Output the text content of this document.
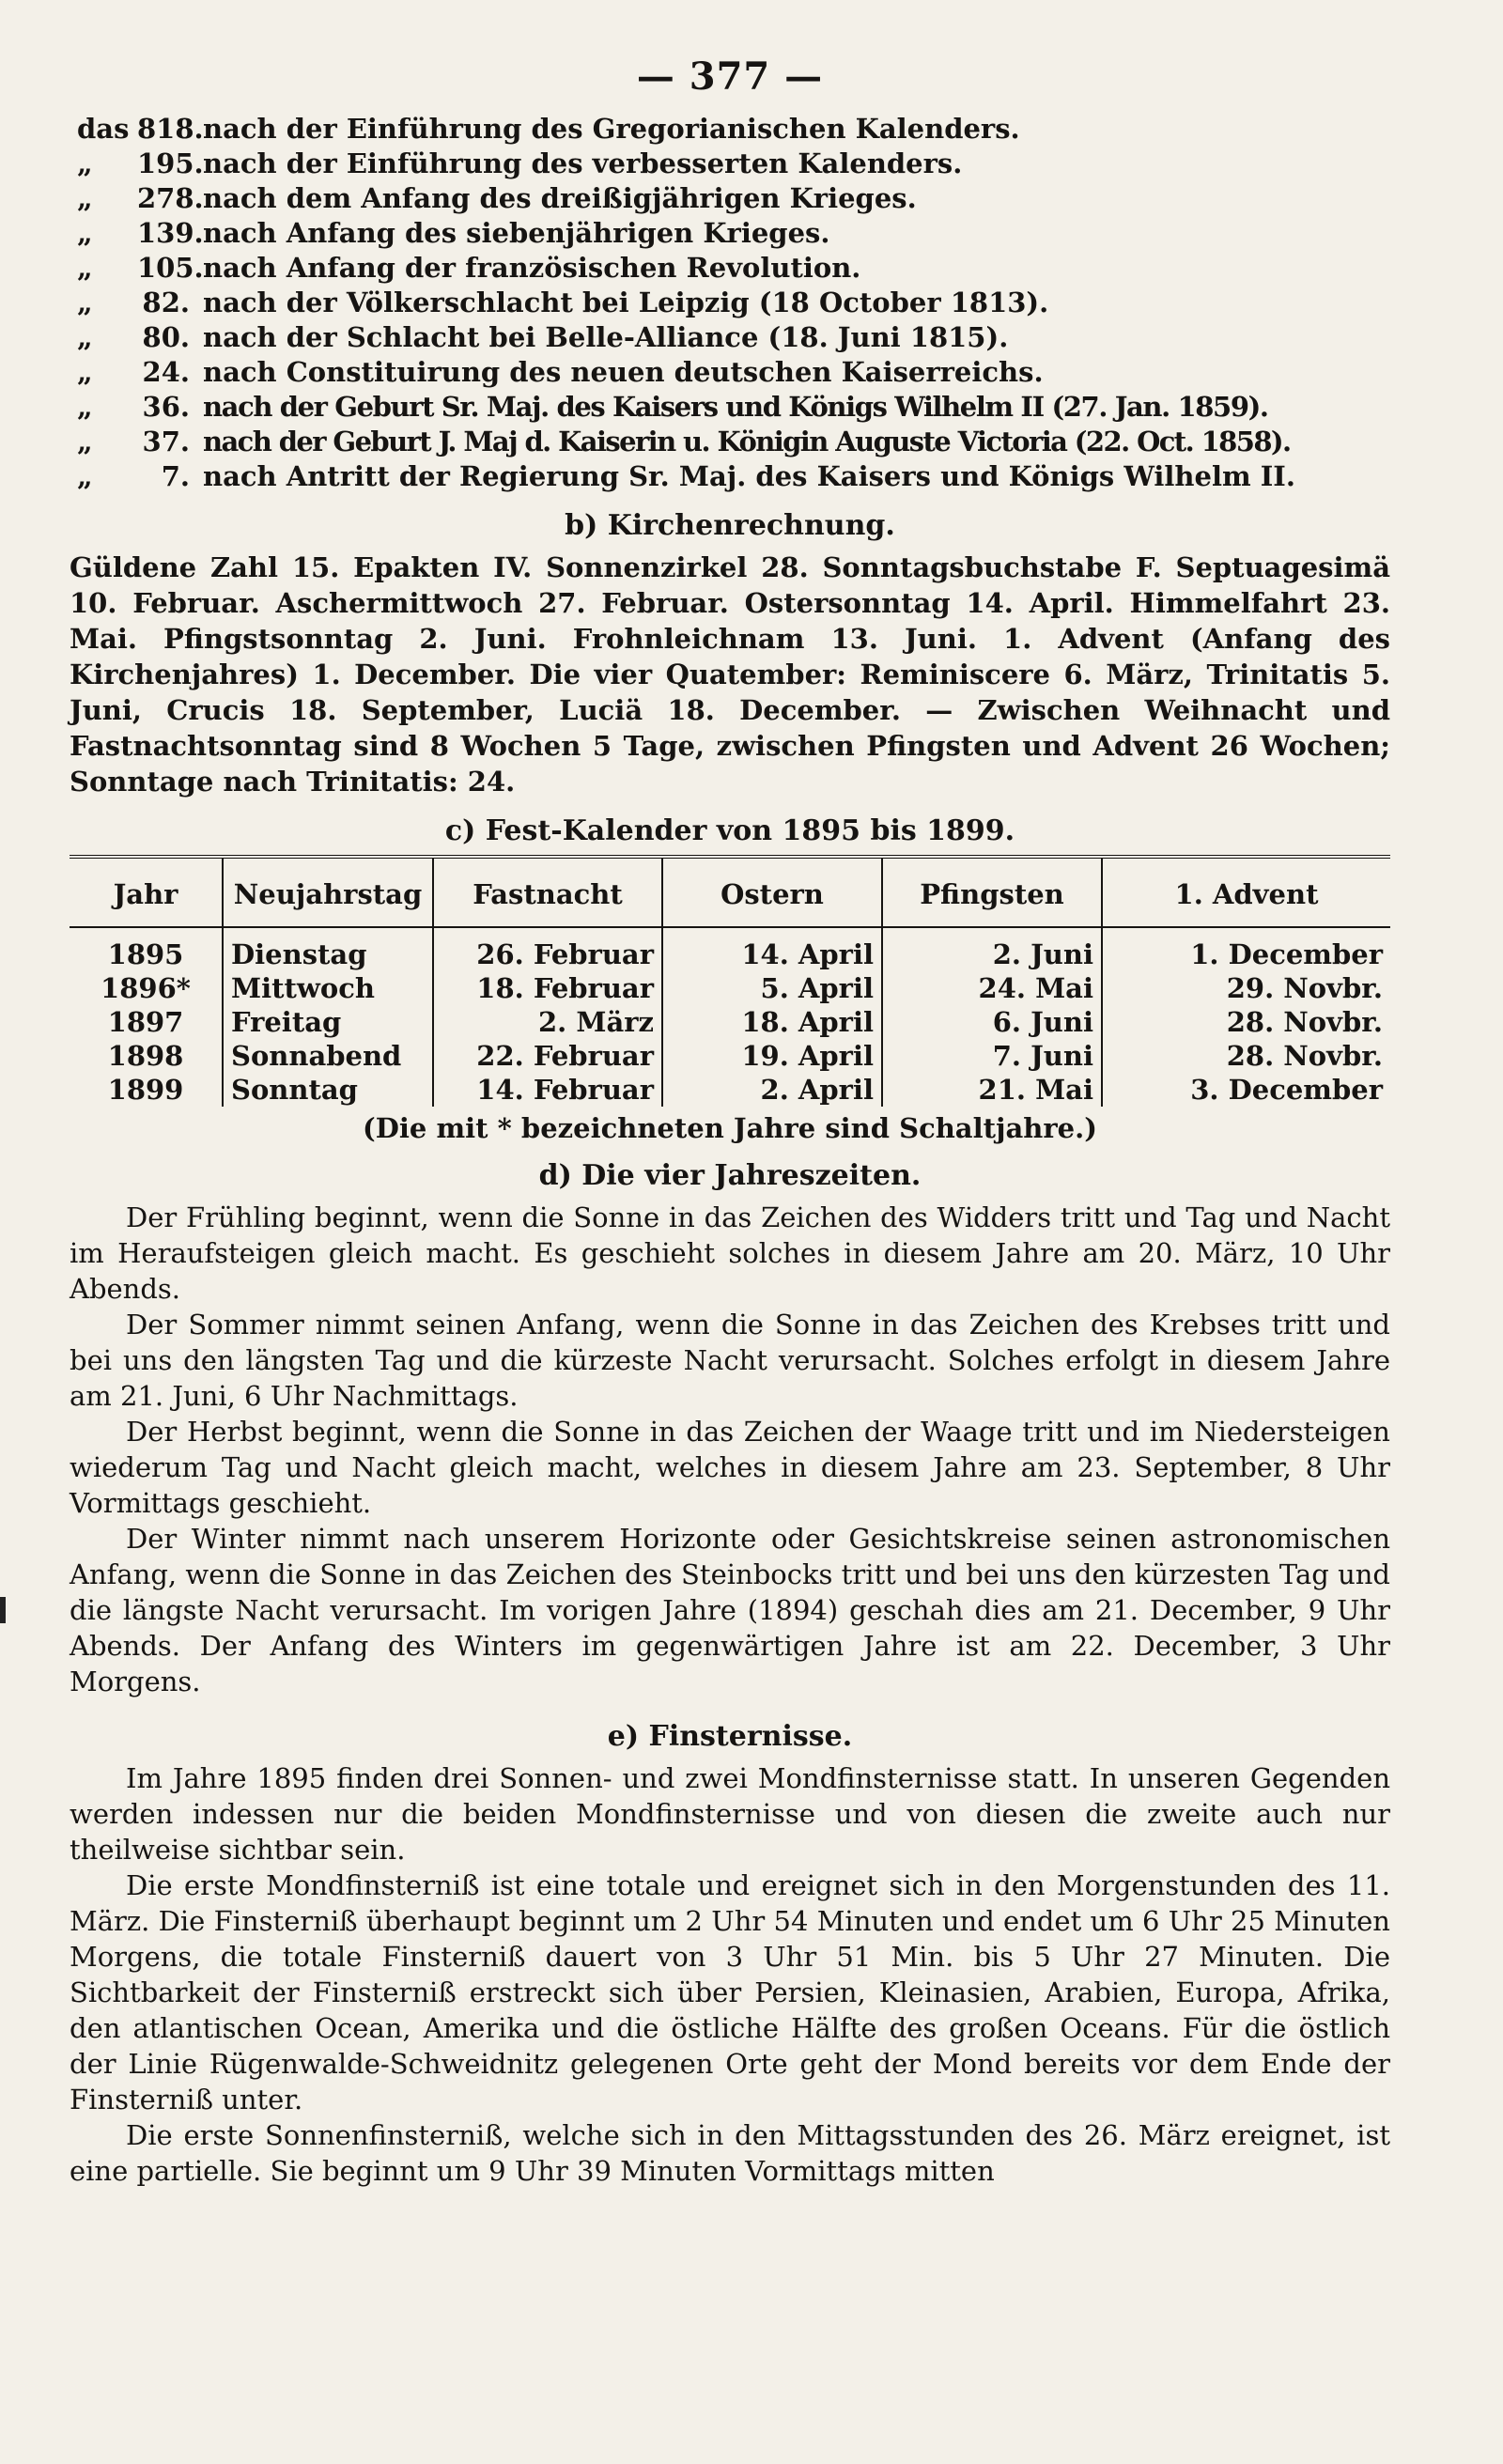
— 377 —
das 818. nach der Einführung des Gregorianischen Kalenders.
„	195. nach der Einführung des verbesserten Kalenders.
„	278. nach dem Anfang des dreißigjährigen Krieges.
„	139. nach Anfang des siebenjährigen Krieges.
„	105. nach Anfang der französischen Revolution.
„	82. nach der Völkerschlacht bei Leipzig (18 October 1813).
„	80. nach der Schlacht bei Belle-Alliance (18. Juni 1815).
„	24. nach Constituirung des neuen deutschen Kaiserreichs.
„	36. nach der Geburt Sr. Maj. des Kaisers und Königs Wilhelm II (27. Jan. 1859).
„	37. nach der Geburt J. Maj d. Kaiserin u. Königin Auguste Victoria (22. Oct. 1858).
„	7. nach Antritt der Regierung Sr. Maj. des Kaisers und Königs Wilhelm II.
b) Kirchenrechnung.

Güldene Zahl 15. Epakten IV. Sonnenzirkel 28. Sonntagsbuchstabe F. Septuagesimä 10. Februar. Aschermittwoch 27. Februar. Ostersonntag 14. April. Himmelfahrt 23. Mai. Pfingstsonntag 2. Juni. Frohnleichnam 13. Juni. 1. Advent (Anfang des Kirchenjahres) 1. December. Die vier Quatember: Reminiscere 6. März, Trinitatis 5. Juni, Crucis 18. September, Luciä 18. December. — Zwischen Weihnacht und Fastnachtsonntag sind 8 Wochen 5 Tage, zwischen Pfingsten und Advent 26 Wochen; Sonntage nach Trinitatis: 24.

c) Fest-Kalender von 1895 bis 1899.
Jahr	Neujahrstag	Fastnacht	Ostern	Pfingsten	1. Advent
1895	Dienstag	26. Februar	14. April	2. Juni	1. December
1896*	Mittwoch	18. Februar	5. April	24. Mai	29. Novbr.
1897	Freitag	2. März	18. April	6. Juni	28. Novbr.
1898	Sonnabend	22. Februar	19. April	7. Juni	28. Novbr.
1899	Sonntag	14. Februar	2. April	21. Mai	3. December
(Die mit * bezeichneten Jahre sind Schaltjahre.)
d) Die vier Jahreszeiten.

Der Frühling beginnt, wenn die Sonne in das Zeichen des Widders tritt und Tag und Nacht im Heraufsteigen gleich macht. Es geschieht solches in diesem Jahre am 20. März, 10 Uhr Abends.

Der Sommer nimmt seinen Anfang, wenn die Sonne in das Zeichen des Krebses tritt und bei uns den längsten Tag und die kürzeste Nacht verursacht. Solches erfolgt in diesem Jahre am 21. Juni, 6 Uhr Nachmittags.

Der Herbst beginnt, wenn die Sonne in das Zeichen der Waage tritt und im Niedersteigen wiederum Tag und Nacht gleich macht, welches in diesem Jahre am 23. September, 8 Uhr Vormittags geschieht.

Der Winter nimmt nach unserem Horizonte oder Gesichtskreise seinen astronomischen Anfang, wenn die Sonne in das Zeichen des Steinbocks tritt und bei uns den kürzesten Tag und die längste Nacht verursacht. Im vorigen Jahre (1894) geschah dies am 21. December, 9 Uhr Abends. Der Anfang des Winters im gegenwärtigen Jahre ist am 22. December, 3 Uhr Morgens.

e) Finsternisse.

Im Jahre 1895 finden drei Sonnen- und zwei Mondfinsternisse statt. In unseren Gegenden werden indessen nur die beiden Mondfinsternisse und von diesen die zweite auch nur theilweise sichtbar sein.

Die erste Mondfinsterniß ist eine totale und ereignet sich in den Morgenstunden des 11. März. Die Finsterniß überhaupt beginnt um 2 Uhr 54 Minuten und endet um 6 Uhr 25 Minuten Morgens, die totale Finsterniß dauert von 3 Uhr 51 Min. bis 5 Uhr 27 Minuten. Die Sichtbarkeit der Finsterniß erstreckt sich über Persien, Kleinasien, Arabien, Europa, Afrika, den atlantischen Ocean, Amerika und die östliche Hälfte des großen Oceans. Für die östlich der Linie Rügenwalde-Schweidnitz gelegenen Orte geht der Mond bereits vor dem Ende der Finsterniß unter.

Die erste Sonnenfinsterniß, welche sich in den Mittagsstunden des 26. März ereignet, ist eine partielle. Sie beginnt um 9 Uhr 39 Minuten Vormittags mitten
